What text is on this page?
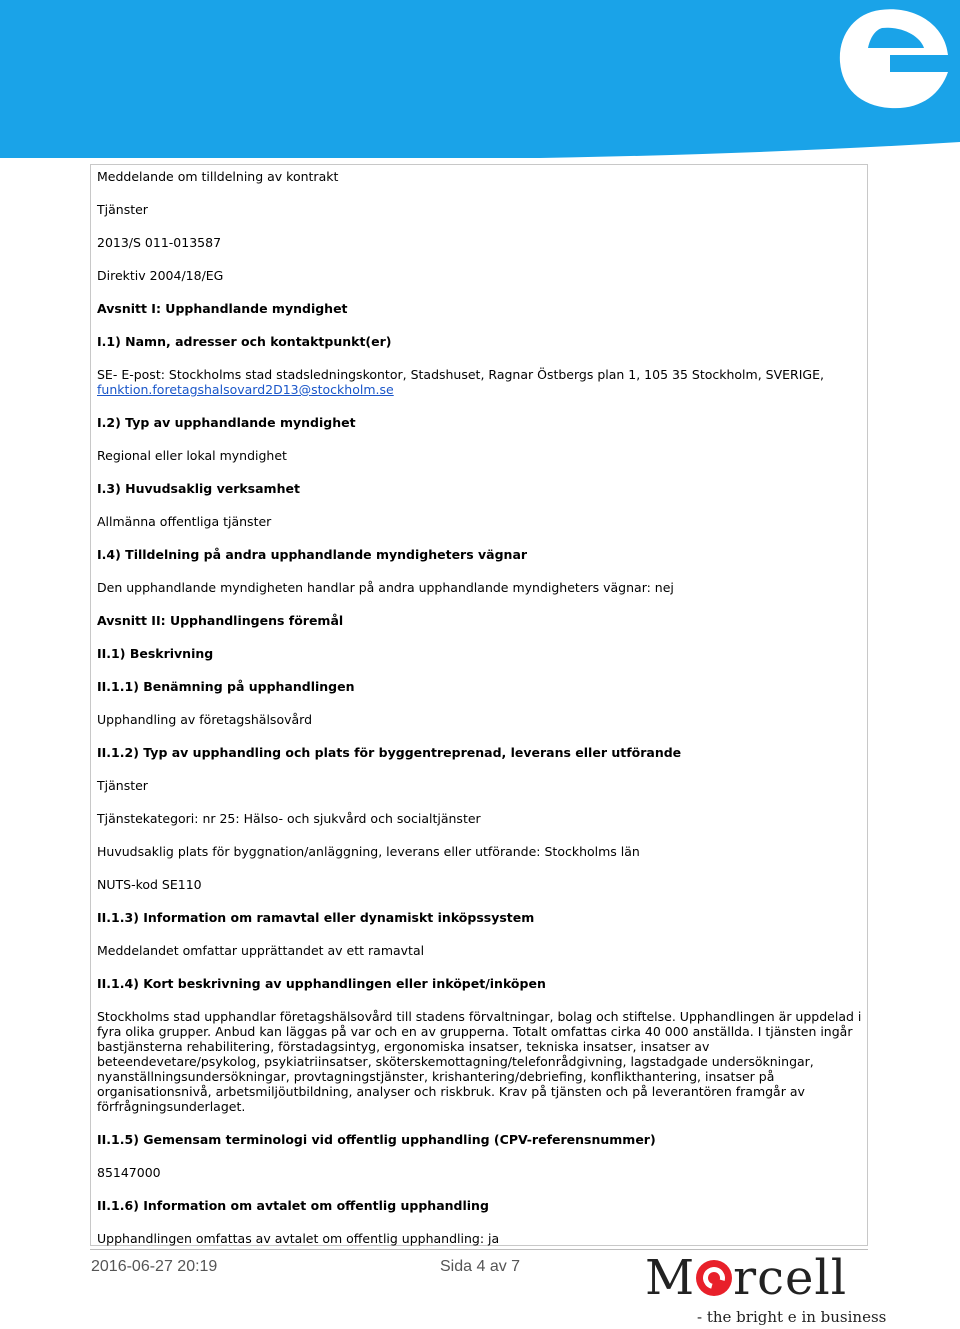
Meddelande om tilldelning av kontrakt

Tjänster

2013/S 011-013587

Direktiv 2004/18/EG

Avsnitt I: Upphandlande myndighet

I.1) Namn, adresser och kontaktpunkt(er)

SE- E-post: Stockholms stad stadsledningskontor, Stadshuset, Ragnar Östbergs plan 1, 105 35 Stockholm, SVERIGE,
funktion.foretagshalsovard2D13@stockholm.se

I.2) Typ av upphandlande myndighet

Regional eller lokal myndighet

I.3) Huvudsaklig verksamhet

Allmänna offentliga tjänster

I.4) Tilldelning på andra upphandlande myndigheters vägnar

Den upphandlande myndigheten handlar på andra upphandlande myndigheters vägnar: nej

Avsnitt II: Upphandlingens föremål

II.1) Beskrivning

II.1.1) Benämning på upphandlingen

Upphandling av företagshälsovård

II.1.2) Typ av upphandling och plats för byggentreprenad, leverans eller utförande

Tjänster

Tjänstekategori: nr 25: Hälso- och sjukvård och socialtjänster

Huvudsaklig plats för byggnation/anläggning, leverans eller utförande: Stockholms län

NUTS-kod SE110

II.1.3) Information om ramavtal eller dynamiskt inköpssystem

Meddelandet omfattar upprättandet av ett ramavtal

II.1.4) Kort beskrivning av upphandlingen eller inköpet/inköpen

Stockholms stad upphandlar företagshälsovård till stadens förvaltningar, bolag och stiftelse. Upphandlingen är uppdelad i fyra olika grupper. Anbud kan läggas på var och en av grupperna. Totalt omfattas cirka 40 000 anställda. I tjänsten ingår bastjänsterna rehabilitering, förstadagsintyg, ergonomiska insatser, tekniska insatser, insatser av beteendevetare/psykolog, psykiatriinsatser, sköterskemottagning/telefonrådgivning, lagstadgade undersökningar, nyanställningsundersökningar, provtagningstjänster, krishantering/debriefing, konflikthantering, insatser på organisationsnivå, arbetsmiljöutbildning, analyser och riskbruk. Krav på tjänsten och på leverantören framgår av förfrågningsunderlaget.

II.1.5) Gemensam terminologi vid offentlig upphandling (CPV-referensnummer)

85147000

II.1.6) Information om avtalet om offentlig upphandling

Upphandlingen omfattas av avtalet om offentlig upphandling: ja

2016-06-27 20:19	Sida 4 av 7	M rcell
- the bright e in business
